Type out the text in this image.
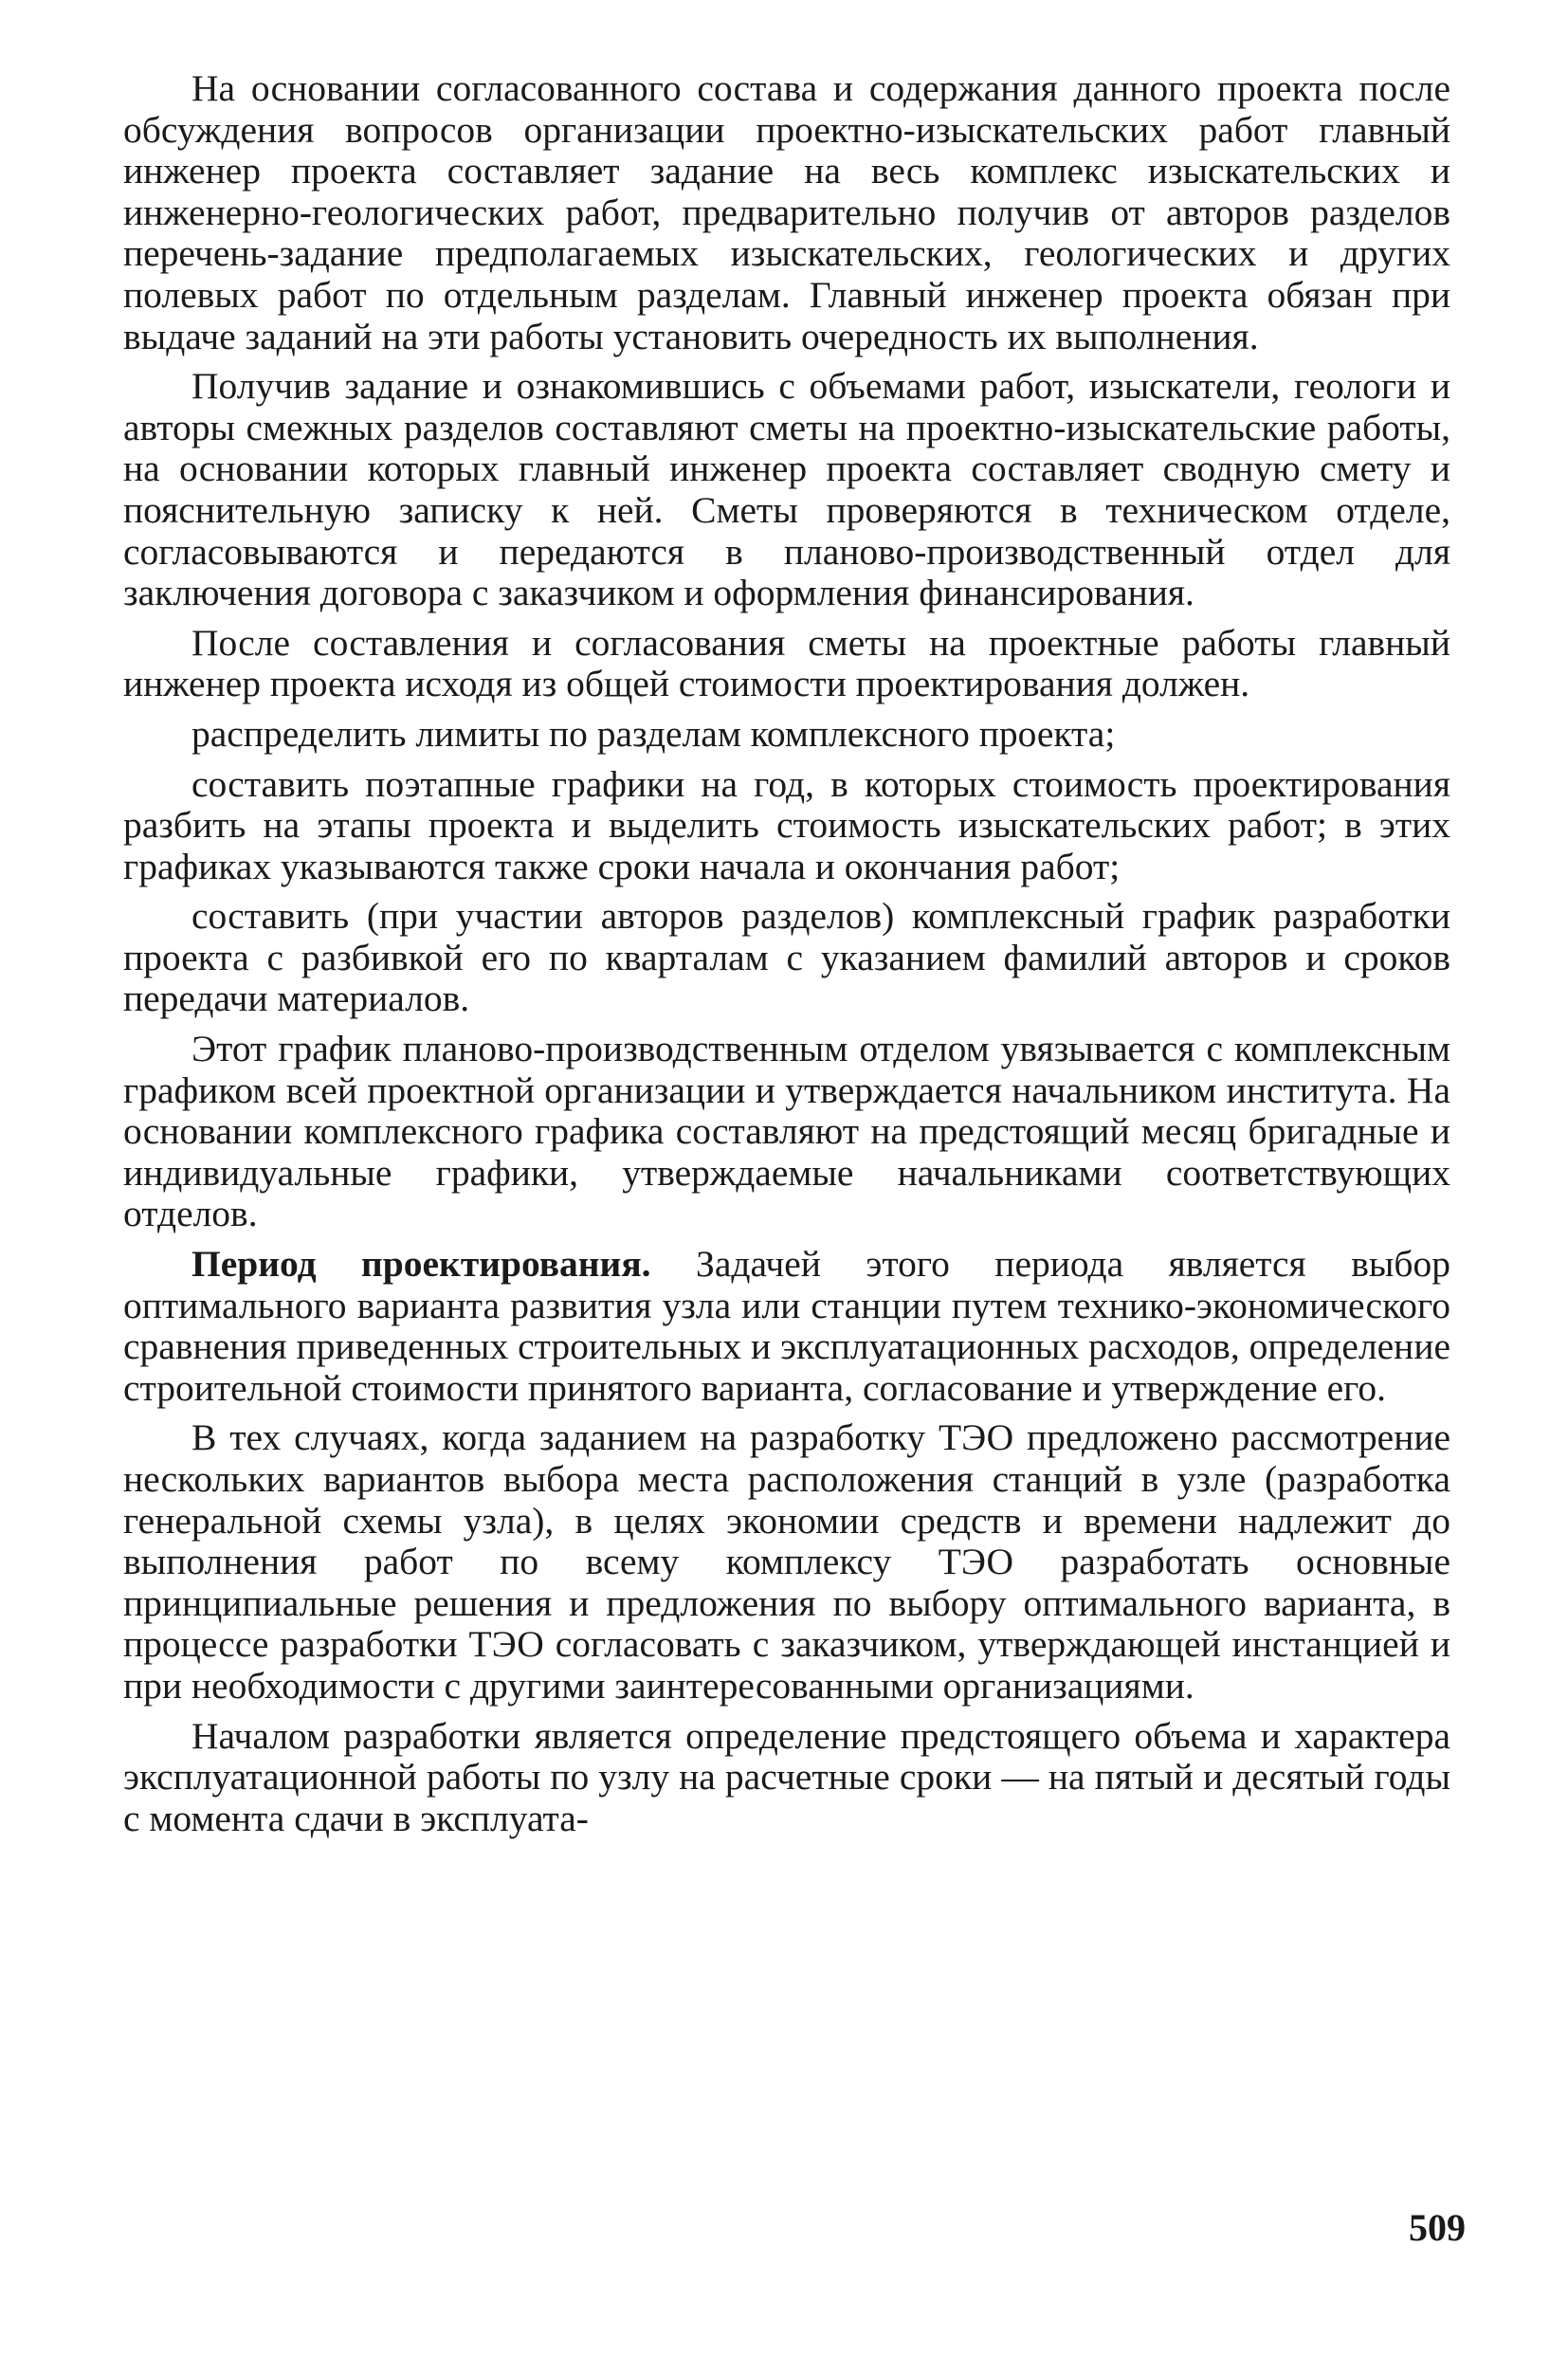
На основании согласованного состава и содержания данного проекта после обсуждения вопросов организации проектно-изыскательских работ главный инженер проекта составляет задание на весь комплекс изыскательских и инженерно-геологических работ, предварительно получив от авторов разделов перечень-задание предполагаемых изыскательских, геологических и других полевых работ по отдельным разделам. Главный инженер проекта обязан при выдаче заданий на эти работы установить очередность их выполнения.

Получив задание и ознакомившись с объемами работ, изыскатели, геологи и авторы смежных разделов составляют сметы на проектно-изыскательские работы, на основании которых главный инженер проекта составляет сводную смету и пояснительную записку к ней. Сметы проверяются в техническом отделе, согласовываются и передаются в планово-производственный отдел для заключения договора с заказчиком и оформления финансирования.

После составления и согласования сметы на проектные работы главный инженер проекта исходя из общей стоимости проектирования должен.

распределить лимиты по разделам комплексного проекта;

составить поэтапные графики на год, в которых стоимость проектирования разбить на этапы проекта и выделить стоимость изыскательских работ; в этих графиках указываются также сроки начала и окончания работ;

составить (при участии авторов разделов) комплексный график разработки проекта с разбивкой его по кварталам с указанием фамилий авторов и сроков передачи материалов.

Этот график планово-производственным отделом увязывается с комплексным графиком всей проектной организации и утверждается начальником института. На основании комплексного графика составляют на предстоящий месяц бригадные и индивидуальные графики, утверждаемые начальниками соответствующих отделов.

Период проектирования. Задачей этого периода является выбор оптимального варианта развития узла или станции путем технико-экономического сравнения приведенных строительных и эксплуатационных расходов, определение строительной стоимости принятого варианта, согласование и утверждение его.

В тех случаях, когда заданием на разработку ТЭО предложено рассмотрение нескольких вариантов выбора места расположения станций в узле (разработка генеральной схемы узла), в целях экономии средств и времени надлежит до выполнения работ по всему комплексу ТЭО разработать основные принципиальные решения и предложения по выбору оптимального варианта, в процессе разработки ТЭО согласовать с заказчиком, утверждающей инстанцией и при необходимости с другими заинтересованными организациями.

Началом разработки является определение предстоящего объема и характера эксплуатационной работы по узлу на расчетные сроки — на пятый и десятый годы с момента сдачи в эксплуата-

509
